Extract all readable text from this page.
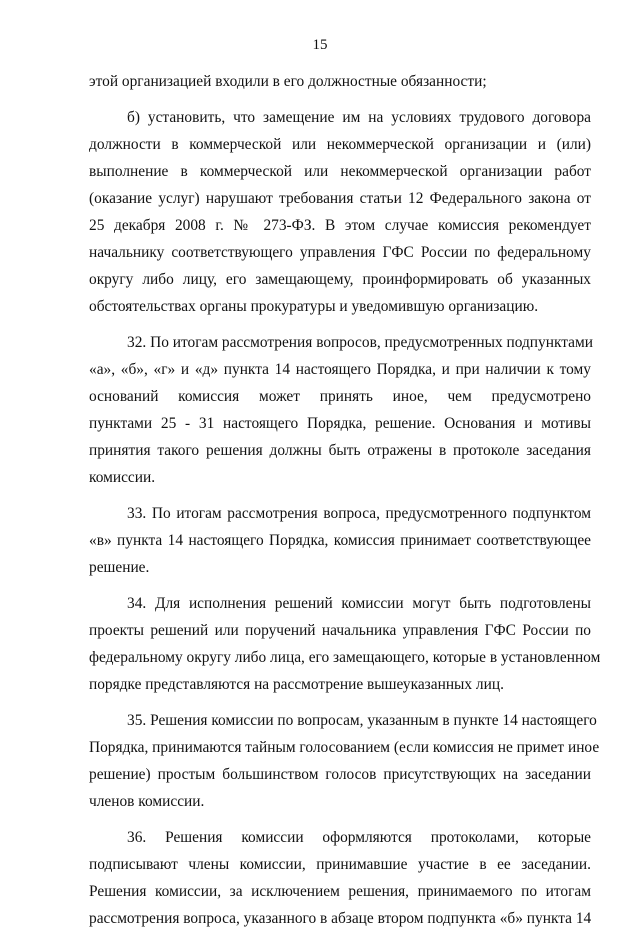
15
этой организацией входили в его должностные обязанности;
б) установить, что замещение им на условиях трудового договора
должности в коммерческой или некоммерческой организации и (или)
выполнение в коммерческой или некоммерческой организации работ
(оказание услуг) нарушают требования статьи 12 Федерального закона от
25 декабря 2008 г. № 273-ФЗ. В этом случае комиссия рекомендует
начальнику соответствующего управления ГФС России по федеральному
округу либо лицу, его замещающему, проинформировать об указанных
обстоятельствах органы прокуратуры и уведомившую организацию.
32. По итогам рассмотрения вопросов, предусмотренных подпунктами
«а», «б», «г» и «д» пункта 14 настоящего Порядка, и при наличии к тому
оснований комиссия может принять иное, чем предусмотрено
пунктами 25 - 31 настоящего Порядка, решение. Основания и мотивы
принятия такого решения должны быть отражены в протоколе заседания
комиссии.
33. По итогам рассмотрения вопроса, предусмотренного подпунктом
«в» пункта 14 настоящего Порядка, комиссия принимает соответствующее
решение.
34. Для исполнения решений комиссии могут быть подготовлены
проекты решений или поручений начальника управления ГФС России по
федеральному округу либо лица, его замещающего, которые в установленном
порядке представляются на рассмотрение вышеуказанных лиц.
35. Решения комиссии по вопросам, указанным в пункте 14 настоящего
Порядка, принимаются тайным голосованием (если комиссия не примет иное
решение) простым большинством голосов присутствующих на заседании
членов комиссии.
36. Решения комиссии оформляются протоколами, которые
подписывают члены комиссии, принимавшие участие в ее заседании.
Решения комиссии, за исключением решения, принимаемого по итогам
рассмотрения вопроса, указанного в абзаце втором подпункта «б» пункта 14
